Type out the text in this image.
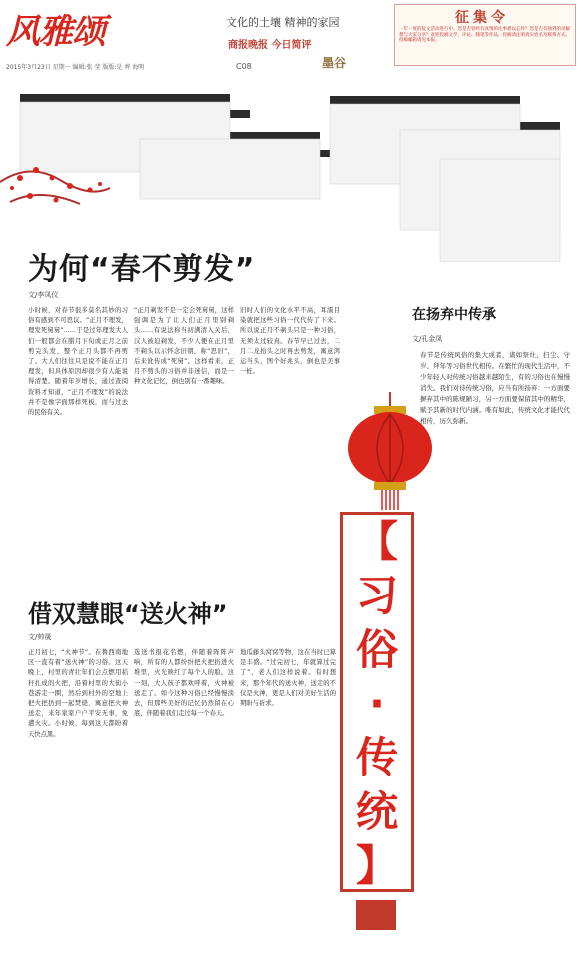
风雅颂	文化的土壤 精神的家园
商报晚报 今日简评
2015年3月23日 星期一 编辑:张 莹 版版:是 葬 海明	C08	墨谷
征集令
一年一度的征文活动进行中。您是否曾经有真情的往事难以忘怀？您是否有独到的见解想与大家分享？欢迎投稿文学、评论、随笔等作品，投稿请注明真实姓名及联系方式。投稿邮箱请见本报。
为何“春不剪发”
文/李凤仪
小时候，对春节很多莫名其妙的习俗有感到不可思议。“正月不理发，理发死舅舅”……于是过年理发大人们一般都会在腊月下旬或正月之前剪完头发，整个正月头都不再剪了。大人们往往只是说不能在正月理发，但具体原因却很少有人能说得清楚。随着年岁增长，通过查阅资料才知道，“正月不理发”的说法并不是像字面那样死板，而与过去的民俗有关。
“正月剃发不是一定会死舅舅，这样强调是为了让人们正月里别剃头……有说法称当初满清入关后，汉人被迫剃发，不少人便在正月里不剃头以示怀念旧朝，称“思旧”，后来讹传成“死舅”。这样看来，正月不剪头的习俗并非迷信，而是一种文化记忆，倒也别有一番趣味。
旧时人们的文化水平不高，耳濡目染就把这些习俗一代代传了下来。所以说正月不剃头只是一种习俗，无须太过较真。春节早已过去，二月二龙抬头之时再去剪发，寓意鸿运当头，图个好兆头，倒也是美事一桩。
借双慧眼“送火神”
文/帅晟
正月初七，“火神节”。在鲁西南地区一直有着“送火神”的习俗。这天晚上，村里的青壮年们会点燃用秸秆扎成的火把，沿着村里的大街小巷游走一圈，然后到村外的空地上把火把扔到一起焚烧，寓意把火神送走，来年家家户户平安无事，免遭火灾。小时候，每到这天都盼着天快点黑。
选送书报花名燃，伴随着阵阵声响，所有的人都纷纷把火把扔进火堆里，火光映红了每个人的脸。这一刻，大人孩子都欢呼着，火神被送走了。如今这种习俗已经慢慢淡去，但那些美好的记忆仍然留在心底，伴随着我们走过每一个春天。
地瓜藤头窝窝等物，这在当时已算是丰盛。“过完初七，年就算过完了”，老人们这样说着。有时想来，那个年代的送火神，送走的不仅是火神，更是人们对美好生活的期盼与祈求。
在扬弃中传承
文/孔金凤
春节是传统风俗的集大成者，诸如祭灶、扫尘、守岁、拜年等习俗世代相传。在繁忙的现代生活中，不少年轻人对传统习俗越来越陌生，有的习俗也在慢慢消失。我们对待传统习俗，应当有所扬弃：一方面要摒弃其中的陈规陋习，另一方面要保留其中的精华，赋予其新的时代内涵。唯有如此，传统文化才能代代相传，历久弥新。
【
习
俗
·
传
统
】
